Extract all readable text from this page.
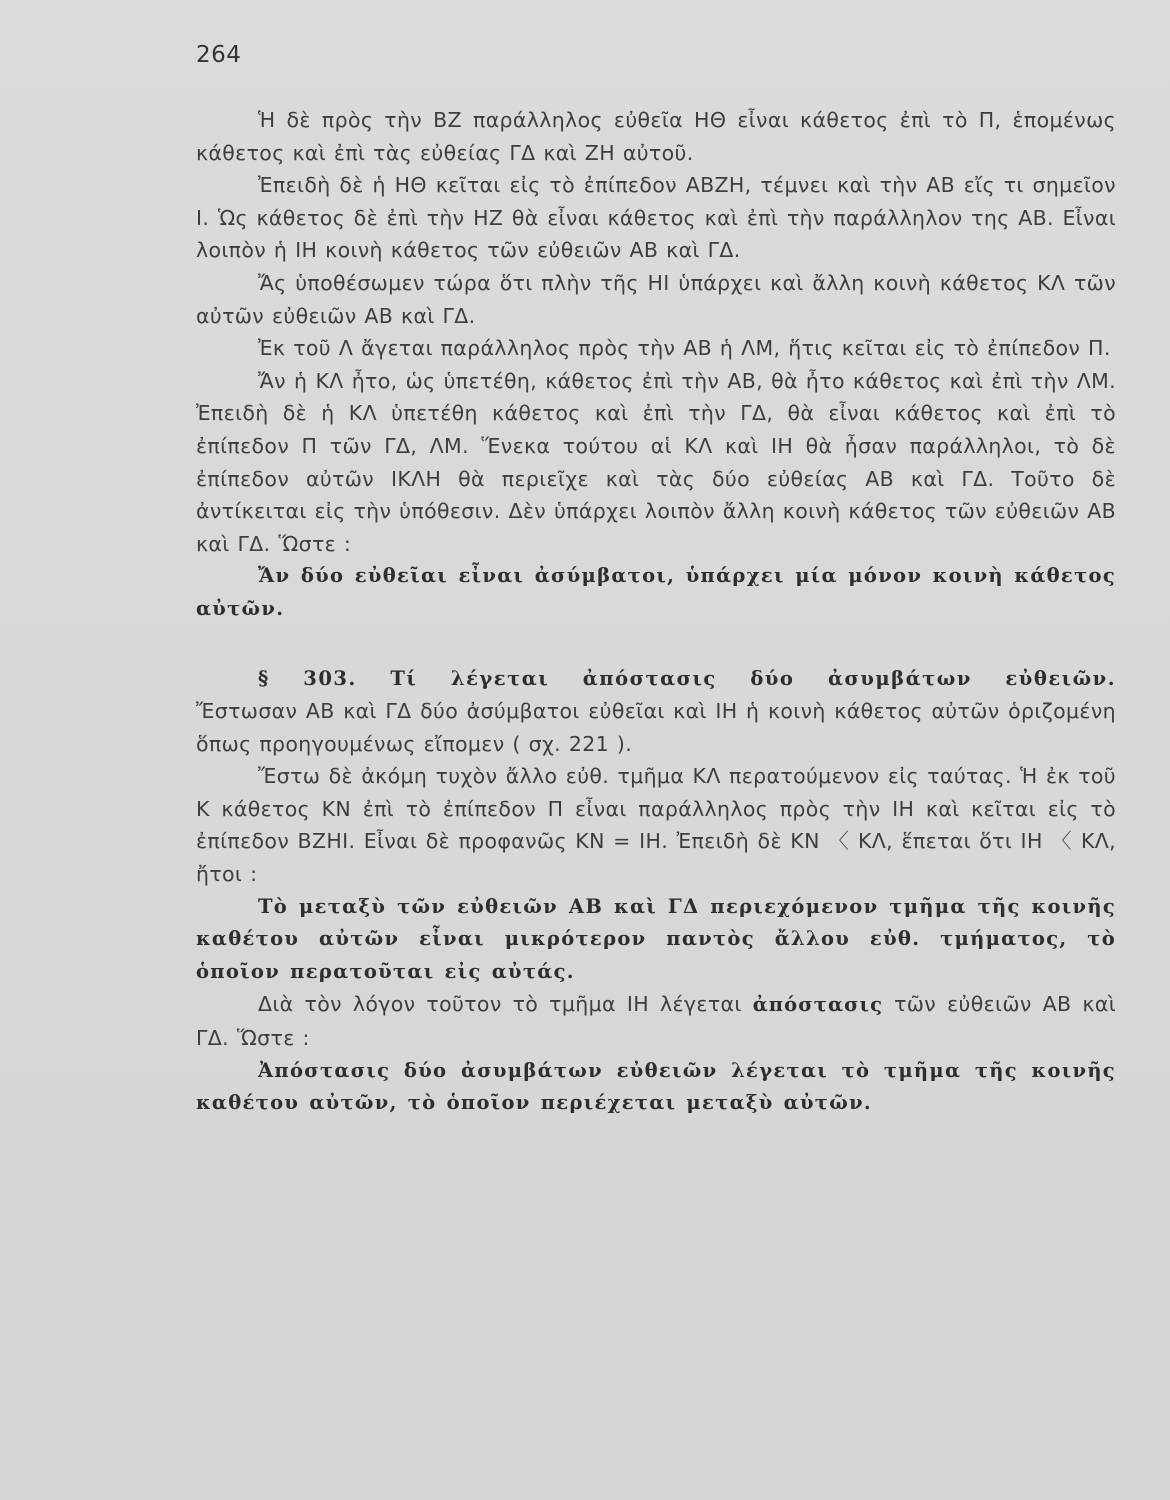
264

Ἡ δὲ πρὸς τὴν ΒΖ παράλληλος εὐθεῖα ΗΘ εἶναι κάθετος ἐπὶ τὸ Π, ἑπομένως κάθετος καὶ ἐπὶ τὰς εὐθείας ΓΔ καὶ ΖΗ αὐτοῦ.

Ἐπειδὴ δὲ ἡ ΗΘ κεῖται εἰς τὸ ἐπίπεδον ΑΒΖΗ, τέμνει καὶ τὴν ΑΒ εἴς τι σημεῖον Ι. Ὡς κάθετος δὲ ἐπὶ τὴν ΗΖ θὰ εἶναι κάθετος καὶ ἐπὶ τὴν παράλληλον της ΑΒ. Εἶναι λοιπὸν ἡ ΙΗ κοινὴ κάθετος τῶν εὐθειῶν ΑΒ καὶ ΓΔ.

Ἄς ὑποθέσωμεν τώρα ὅτι πλὴν τῆς ΗΙ ὑπάρχει καὶ ἄλλη κοινὴ κάθετος ΚΛ τῶν αὐτῶν εὐθειῶν ΑΒ καὶ ΓΔ.

Ἐκ τοῦ Λ ἄγεται παράλληλος πρὸς τὴν ΑΒ ἡ ΛΜ, ἥτις κεῖται εἰς τὸ ἐπίπεδον Π.

Ἄν ἡ ΚΛ ἦτο, ὡς ὑπετέθη, κάθετος ἐπὶ τὴν ΑΒ, θὰ ἦτο κάθετος καὶ ἐπὶ τὴν ΛΜ. Ἐπειδὴ δὲ ἡ ΚΛ ὑπετέθη κάθετος καὶ ἐπὶ τὴν ΓΔ, θὰ εἶναι κάθετος καὶ ἐπὶ τὸ ἐπίπεδον Π τῶν ΓΔ, ΛΜ. Ἕνεκα τούτου αἱ ΚΛ καὶ ΙΗ θὰ ἦσαν παράλληλοι, τὸ δὲ ἐπίπεδον αὐτῶν ΙΚΛΗ θὰ περιεῖχε καὶ τὰς δύο εὐθείας ΑΒ καὶ ΓΔ. Τοῦτο δὲ ἀντίκειται εἰς τὴν ὑπόθεσιν. Δὲν ὑπάρχει λοιπὸν ἄλλη κοινὴ κάθετος τῶν εὐθειῶν ΑΒ καὶ ΓΔ. Ὥστε :

Ἄν δύο εὐθεῖαι εἶναι ἀσύμβατοι, ὑπάρχει μία μόνον κοινὴ κάθετος αὐτῶν.

§ 303. Τί λέγεται ἀπόστασις δύο ἀσυμβάτων εὐθειῶν. Ἔστωσαν ΑΒ καὶ ΓΔ δύο ἀσύμβατοι εὐθεῖαι καὶ ΙΗ ἡ κοινὴ κάθετος αὐτῶν ὁριζομένη ὅπως προηγουμένως εἴπομεν ( σχ. 221 ).

Ἔστω δὲ ἀκόμη τυχὸν ἄλλο εὐθ. τμῆμα ΚΛ περατούμενον εἰς ταύτας. Ἡ ἐκ τοῦ Κ κάθετος ΚΝ ἐπὶ τὸ ἐπίπεδον Π εἶναι παράλληλος πρὸς τὴν ΙΗ καὶ κεῖται εἰς τὸ ἐπίπεδον ΒΖΗΙ. Εἶναι δὲ προφανῶς ΚΝ = ΙΗ. Ἐπειδὴ δὲ ΚΝ 〈 ΚΛ, ἕπεται ὅτι ΙΗ 〈 ΚΛ, ἤτοι :

Τὸ μεταξὺ τῶν εὐθειῶν ΑΒ καὶ ΓΔ περιεχόμενον τμῆμα τῆς κοινῆς καθέτου αὐτῶν εἶναι μικρότερον παντὸς ἄλλου εὐθ. τμήματος, τὸ ὁποῖον περατοῦται εἰς αὐτάς.

Διὰ τὸν λόγον τοῦτον τὸ τμῆμα ΙΗ λέγεται ἀπόστασις τῶν εὐθειῶν ΑΒ καὶ ΓΔ. Ὥστε :

Ἀπόστασις δύο ἀσυμβάτων εὐθειῶν λέγεται τὸ τμῆμα τῆς κοινῆς καθέτου αὐτῶν, τὸ ὁποῖον περιέχεται μεταξὺ αὐτῶν.
